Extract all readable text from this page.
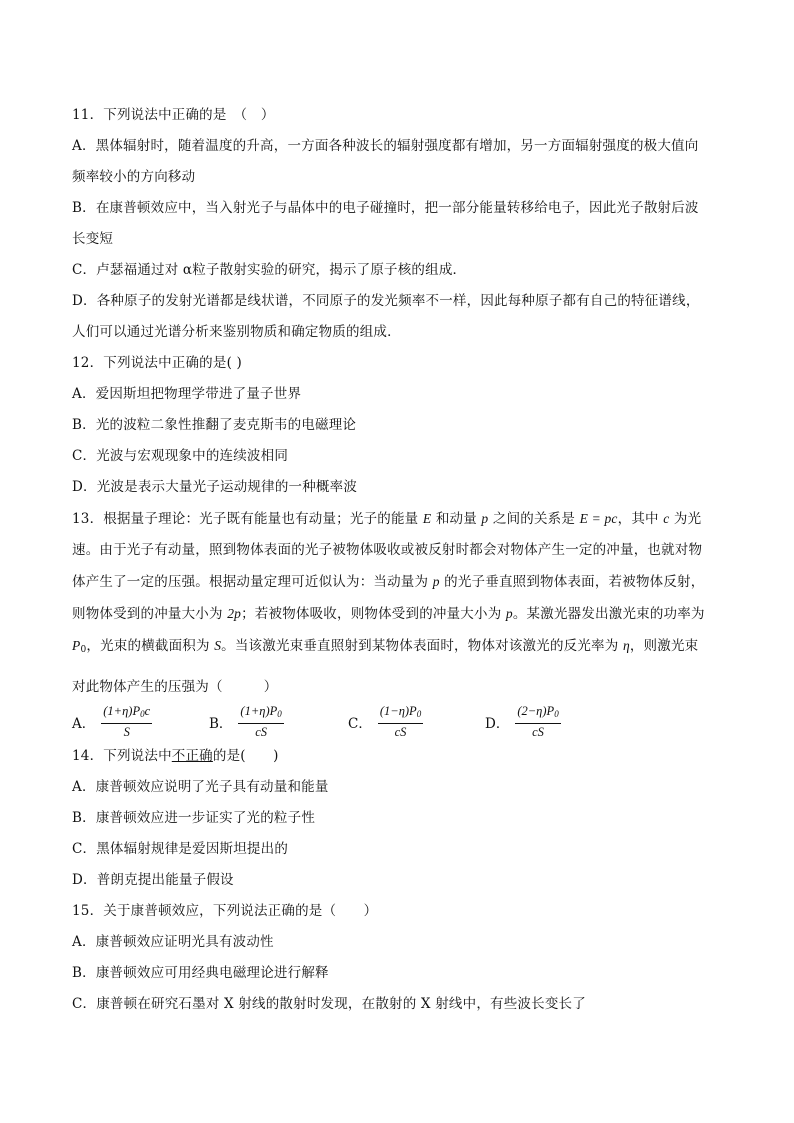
11．下列说法中正确的是　（　）
A．黑体辐射时，随着温度的升高，一方面各种波长的辐射强度都有增加，另一方面辐射强度的极大值向
频率较小的方向移动
B．在康普顿效应中，当入射光子与晶体中的电子碰撞时，把一部分能量转移给电子，因此光子散射后波
长变短
C．卢瑟福通过对 α粒子散射实验的研究，揭示了原子核的组成．
D．各种原子的发射光谱都是线状谱，不同原子的发光频率不一样，因此每种原子都有自己的特征谱线，
人们可以通过光谱分析来鉴别物质和确定物质的组成．
12．下列说法中正确的是( )
A．爱因斯坦把物理学带进了量子世界
B．光的波粒二象性推翻了麦克斯韦的电磁理论
C．光波与宏观现象中的连续波相同
D．光波是表示大量光子运动规律的一种概率波
13．根据量子理论：光子既有能量也有动量；光子的能量 E 和动量 p 之间的关系是 E = pc，其中 c 为光
速。由于光子有动量，照到物体表面的光子被物体吸收或被反射时都会对物体产生一定的冲量，也就对物
体产生了一定的压强。根据动量定理可近似认为：当动量为 p 的光子垂直照到物体表面，若被物体反射，
则物体受到的冲量大小为 2p；若被物体吸收，则物体受到的冲量大小为 p。某激光器发出激光束的功率为
$P_0$，光束的横截面积为 S。当该激光束垂直照射到某物体表面时，物体对该激光的反光率为 η，则激光束
对此物体产生的压强为（　　　）
A． $\frac{(1+\eta)P_0c}{S}$	B． $\frac{(1+\eta)P_0}{cS}$	C． $\frac{(1-\eta)P_0}{cS}$	D． $\frac{(2-\eta)P_0}{cS}$
14．下列说法中不正确的是(　　)
A．康普顿效应说明了光子具有动量和能量
B．康普顿效应进一步证实了光的粒子性
C．黑体辐射规律是爱因斯坦提出的
D．普朗克提出能量子假设
15．关于康普顿效应，下列说法正确的是（　　）
A．康普顿效应证明光具有波动性
B．康普顿效应可用经典电磁理论进行解释
C．康普顿在研究石墨对 X 射线的散射时发现，在散射的 X 射线中，有些波长变长了
